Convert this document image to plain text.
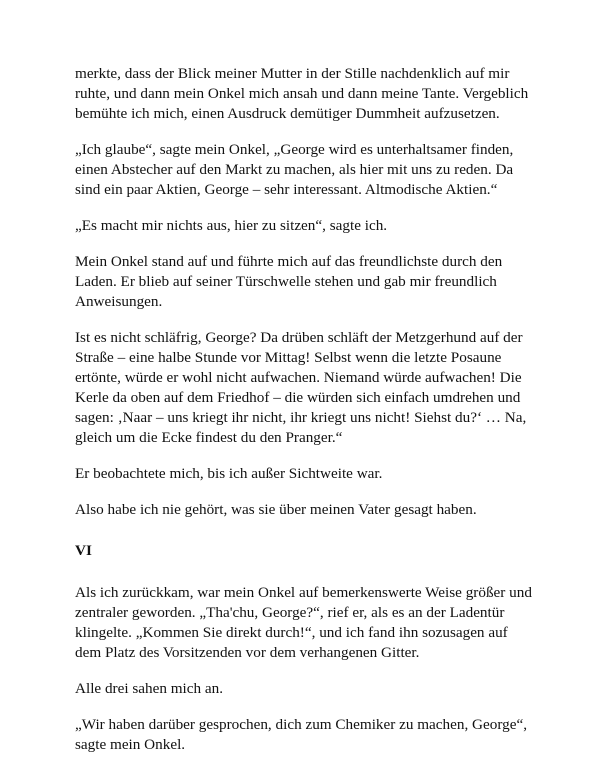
merkte, dass der Blick meiner Mutter in der Stille nachdenklich auf mir ruhte, und dann mein Onkel mich ansah und dann meine Tante. Vergeblich bemühte ich mich, einen Ausdruck demütiger Dummheit aufzusetzen.

„Ich glaube“, sagte mein Onkel, „George wird es unterhaltsamer finden, einen Abstecher auf den Markt zu machen, als hier mit uns zu reden. Da sind ein paar Aktien, George – sehr interessant. Altmodische Aktien.“

„Es macht mir nichts aus, hier zu sitzen“, sagte ich.

Mein Onkel stand auf und führte mich auf das freundlichste durch den Laden. Er blieb auf seiner Türschwelle stehen und gab mir freundlich Anweisungen.

Ist es nicht schläfrig, George? Da drüben schläft der Metzgerhund auf der Straße – eine halbe Stunde vor Mittag! Selbst wenn die letzte Posaune ertönte, würde er wohl nicht aufwachen. Niemand würde aufwachen! Die Kerle da oben auf dem Friedhof – die würden sich einfach umdrehen und sagen: ‚Naar – uns kriegt ihr nicht, ihr kriegt uns nicht! Siehst du?‘ … Na, gleich um die Ecke findest du den Pranger.“

Er beobachtete mich, bis ich außer Sichtweite war.

Also habe ich nie gehört, was sie über meinen Vater gesagt haben.

VI

Als ich zurückkam, war mein Onkel auf bemerkenswerte Weise größer und zentraler geworden. „Tha'chu, George?“, rief er, als es an der Ladentür klingelte. „Kommen Sie direkt durch!“, und ich fand ihn sozusagen auf dem Platz des Vorsitzenden vor dem verhangenen Gitter.

Alle drei sahen mich an.

„Wir haben darüber gesprochen, dich zum Chemiker zu machen, George“, sagte mein Onkel.
